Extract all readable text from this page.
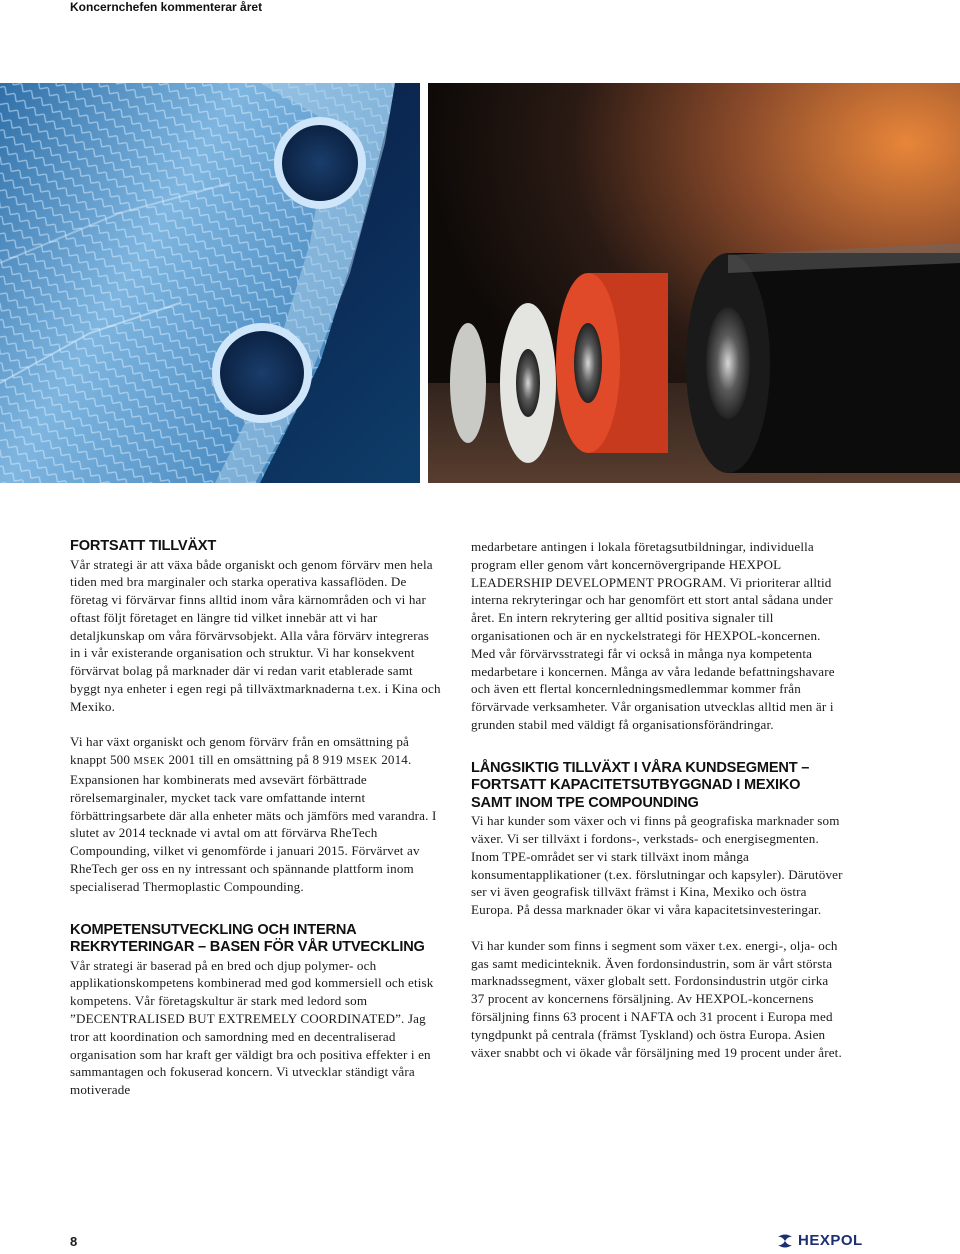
Koncernchefen kommenterar året
FORTSATT TILLVÄXT

Vår strategi är att växa både organiskt och genom förvärv men hela tiden med bra marginaler och starka operativa kassaflöden. De företag vi förvärvar finns alltid inom våra kärnområden och vi har oftast följt företaget en längre tid vilket innebär att vi har detaljkunskap om våra förvärvsobjekt. Alla våra förvärv integreras in i vår existerande organisation och struktur. Vi har konsekvent förvärvat bolag på marknader där vi redan varit etablerade samt byggt nya enheter i egen regi på tillväxtmarknaderna t.ex. i Kina och Mexiko.

Vi har växt organiskt och genom förvärv från en omsättning på knappt 500 MSEK 2001 till en omsättning på 8 919 MSEK 2014. Expansionen har kombinerats med avsevärt förbättrade rörelsemarginaler, mycket tack vare omfattande internt förbättringsarbete där alla enheter mäts och jämförs med varandra. I slutet av 2014 tecknade vi avtal om att förvärva RheTech Compounding, vilket vi genomförde i januari 2015. Förvärvet av RheTech ger oss en ny intressant och spännande plattform inom specialiserad Thermoplastic Compounding.

KOMPETENSUTVECKLING OCH INTERNA REKRYTERINGAR – BASEN FÖR VÅR UTVECKLING

Vår strategi är baserad på en bred och djup polymer- och applikationskompetens kombinerad med god kommersiell och etisk kompetens. Vår företagskultur är stark med ledord som ”DECENTRALISED BUT EXTREMELY COORDINATED”. Jag tror att koordination och samordning med en decentraliserad organisation som har kraft ger väldigt bra och positiva effekter i en sammantagen och fokuserad koncern. Vi utvecklar ständigt våra motiverade

medarbetare antingen i lokala företagsutbildningar, individuella program eller genom vårt koncernövergripande HEXPOL LEADERSHIP DEVELOPMENT PROGRAM. Vi prioriterar alltid interna rekryteringar och har genomfört ett stort antal sådana under året. En intern rekrytering ger alltid positiva signaler till organisationen och är en nyckelstrategi för HEXPOL-koncernen. Med vår förvärvsstrategi får vi också in många nya kompetenta medarbetare i koncernen. Många av våra ledande befattningshavare och även ett flertal koncernledningsmedlemmar kommer från förvärvade verksamheter. Vår organisation utvecklas alltid men är i grunden stabil med väldigt få organisationsförändringar.

LÅNGSIKTIG TILLVÄXT I VÅRA KUNDSEGMENT – FORTSATT KAPACITETSUTBYGGNAD I MEXIKO SAMT INOM TPE COMPOUNDING

Vi har kunder som växer och vi finns på geografiska marknader som växer. Vi ser tillväxt i fordons-, verkstads- och energisegmenten. Inom TPE-området ser vi stark tillväxt inom många konsumentapplikationer (t.ex. förslutningar och kapsyler). Därutöver ser vi även geografisk tillväxt främst i Kina, Mexiko och östra Europa. På dessa marknader ökar vi våra kapacitetsinvesteringar.

Vi har kunder som finns i segment som växer t.ex. energi-, olja- och gas samt medicinteknik. Även fordonsindustrin, som är vårt största marknadssegment, växer globalt sett. Fordonsindustrin utgör cirka 37 procent av koncernens försäljning. Av HEXPOL-koncernens försäljning finns 63 procent i NAFTA och 31 procent i Europa med tyngdpunkt på centrala (främst Tyskland) och östra Europa. Asien växer snabbt och vi ökade vår försäljning med 19 procent under året.

8	HEXPOL
